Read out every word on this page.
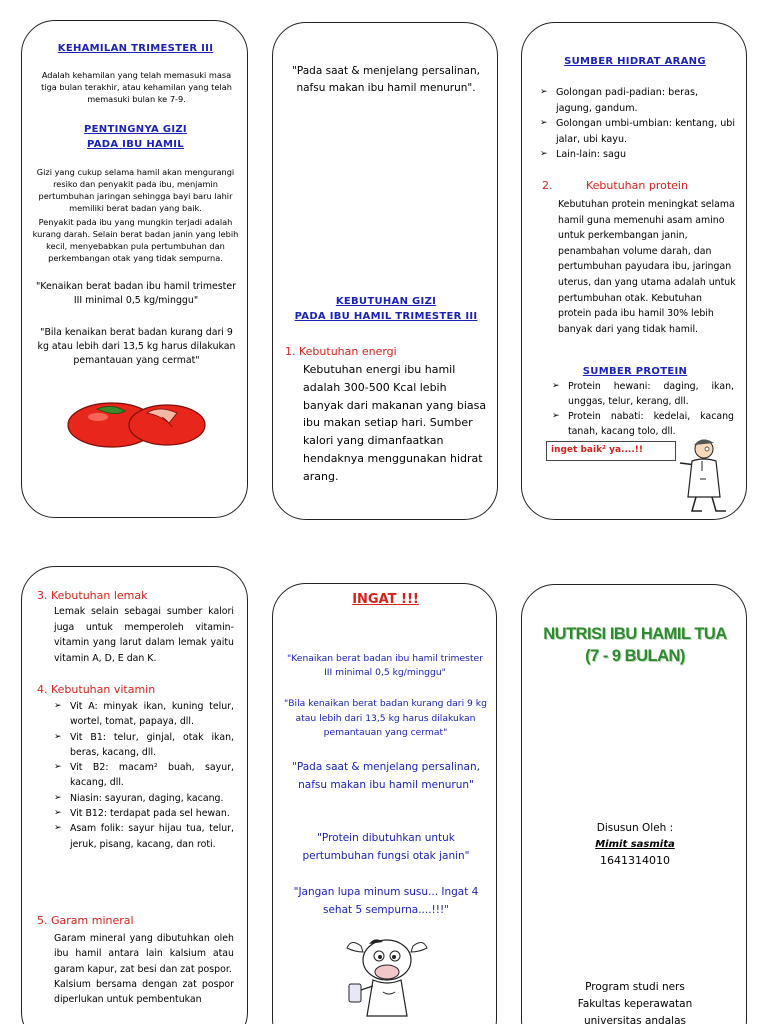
KEHAMILAN TRIMESTER III
Adalah kehamilan yang telah memasuki masa tiga bulan terakhir, atau kehamilan yang telah memasuki bulan ke 7-9.
PENTINGNYA GIZI
PADA IBU HAMIL
Gizi yang cukup selama hamil akan mengurangi resiko dan penyakit pada ibu, menjamin pertumbuhan jaringan sehingga bayi baru lahir memiliki berat badan yang baik.
Penyakit pada ibu yang mungkin terjadi adalah kurang darah. Selain berat badan janin yang lebih kecil, menyebabkan pula pertumbuhan dan perkembangan otak yang tidak sempurna.
"Kenaikan berat badan ibu hamil trimester III minimal 0,5 kg/minggu"
"Bila kenaikan berat badan kurang dari 9 kg atau lebih dari 13,5 kg harus dilakukan pemantauan yang cermat"
"Pada saat & menjelang persalinan, nafsu makan ibu hamil menurun".
KEBUTUHAN GIZI
PADA IBU HAMIL TRIMESTER III
1. Kebutuhan energi
Kebutuhan energi ibu hamil adalah 300-500 Kcal lebih banyak dari makanan yang biasa ibu makan setiap hari. Sumber kalori yang dimanfaatkan hendaknya menggunakan hidrat arang.
SUMBER HIDRAT ARANG
➢ Golongan padi-padian: beras, jagung, gandum.
➢ Golongan umbi-umbian: kentang, ubi jalar, ubi kayu.
➢ Lain-lain: sagu
2.	Kebutuhan protein
Kebutuhan protein meningkat selama hamil guna memenuhi asam amino untuk perkembangan janin, penambahan volume darah, dan pertumbuhan payudara ibu, jaringan uterus, dan yang utama adalah untuk pertumbuhan otak. Kebutuhan protein pada ibu hamil 30% lebih banyak dari yang tidak hamil.
SUMBER PROTEIN
➢ Protein hewani: daging, ikan, unggas, telur, kerang, dll.
➢ Protein nabati: kedelai, kacang tanah, kacang tolo, dll.
inget baik² ya....!!
3. Kebutuhan lemak
Lemak selain sebagai sumber kalori juga untuk memperoleh vitamin-vitamin yang larut dalam lemak yaitu vitamin A, D, E dan K.
4. Kebutuhan vitamin
➢ Vit A: minyak ikan, kuning telur, wortel, tomat, papaya, dll.
➢ Vit B1: telur, ginjal, otak ikan, beras, kacang, dll.
➢ Vit B2: macam² buah, sayur, kacang, dll.
➢ Niasin: sayuran, daging, kacang.
➢ Vit B12: terdapat pada sel hewan.
➢ Asam folik: sayur hijau tua, telur, jeruk, pisang, kacang, dan roti.
5. Garam mineral
Garam mineral yang dibutuhkan oleh ibu hamil antara lain kalsium atau garam kapur, zat besi dan zat pospor.
Kalsium bersama dengan zat pospor diperlukan untuk pembentukan
INGAT !!!
"Kenaikan berat badan ibu hamil trimester III minimal 0,5 kg/minggu"
"Bila kenaikan berat badan kurang dari 9 kg atau lebih dari 13,5 kg harus dilakukan pemantauan yang cermat"
"Pada saat & menjelang persalinan, nafsu makan ibu hamil menurun"
"Protein dibutuhkan untuk pertumbuhan fungsi otak janin"
"Jangan lupa minum susu... Ingat 4 sehat 5 sempurna....!!!"
NUTRISI IBU HAMIL TUA
(7 - 9 BULAN)
Disusun Oleh :
Mimit sasmita
1641314010
Program studi ners
Fakultas keperawatan
universitas andalas
